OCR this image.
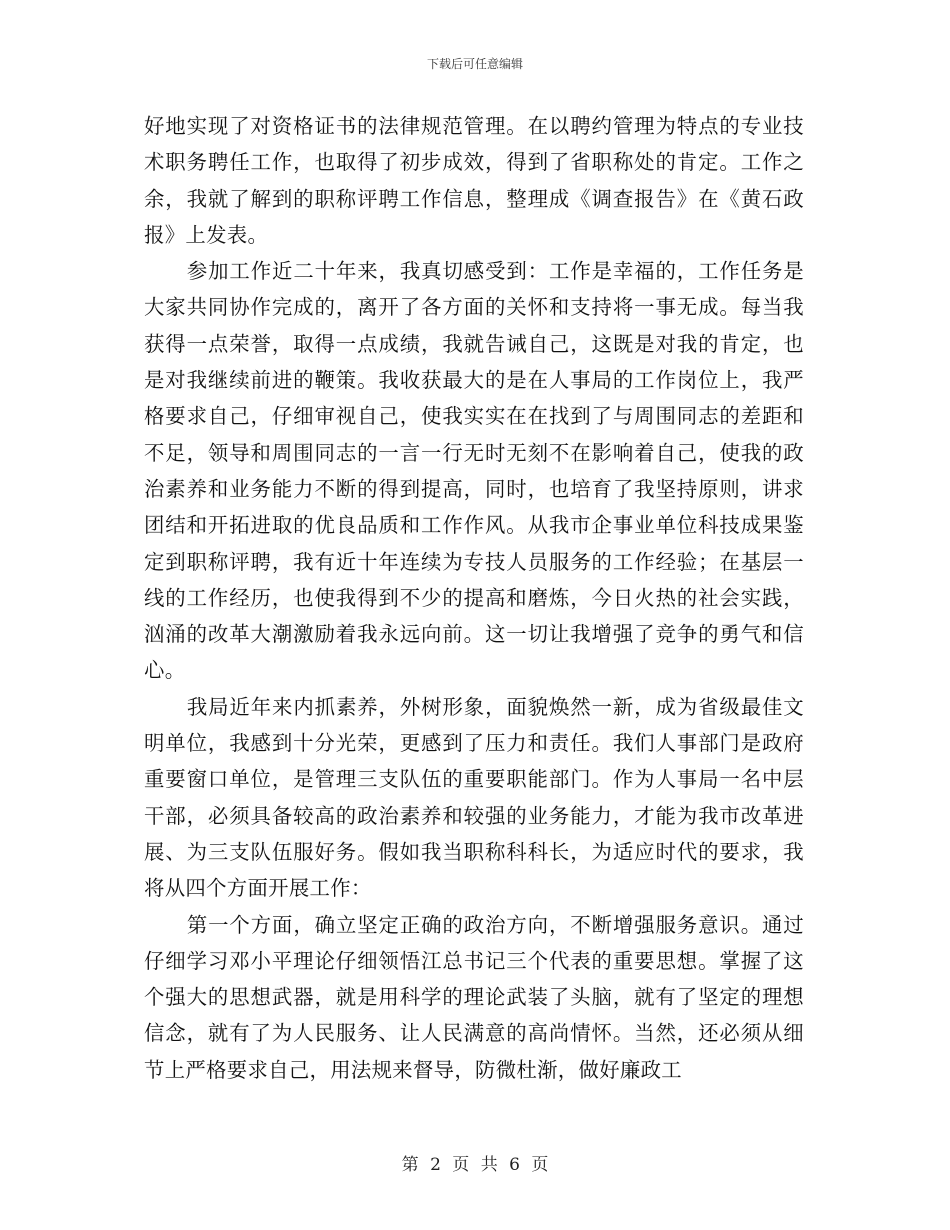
下载后可任意编辑

好地实现了对资格证书的法律规范管理。在以聘约管理为特点的专业技术职务聘任工作，也取得了初步成效，得到了省职称处的肯定。工作之余，我就了解到的职称评聘工作信息，整理成《调查报告》在《黄石政报》上发表。

参加工作近二十年来，我真切感受到：工作是幸福的，工作任务是大家共同协作完成的，离开了各方面的关怀和支持将一事无成。每当我获得一点荣誉，取得一点成绩，我就告诫自己，这既是对我的肯定，也是对我继续前进的鞭策。我收获最大的是在人事局的工作岗位上，我严格要求自己，仔细审视自己，使我实实在在找到了与周围同志的差距和不足，领导和周围同志的一言一行无时无刻不在影响着自己，使我的政治素养和业务能力不断的得到提高，同时，也培育了我坚持原则，讲求团结和开拓进取的优良品质和工作作风。从我市企事业单位科技成果鉴定到职称评聘，我有近十年连续为专技人员服务的工作经验；在基层一线的工作经历，也使我得到不少的提高和磨炼，今日火热的社会实践，汹涌的改革大潮激励着我永远向前。这一切让我增强了竞争的勇气和信心。

我局近年来内抓素养，外树形象，面貌焕然一新，成为省级最佳文明单位，我感到十分光荣，更感到了压力和责任。我们人事部门是政府重要窗口单位，是管理三支队伍的重要职能部门。作为人事局一名中层干部，必须具备较高的政治素养和较强的业务能力，才能为我市改革进展、为三支队伍服好务。假如我当职称科科长，为适应时代的要求，我将从四个方面开展工作：

第一个方面，确立坚定正确的政治方向，不断增强服务意识。通过仔细学习邓小平理论仔细领悟江总书记三个代表的重要思想。掌握了这个强大的思想武器，就是用科学的理论武装了头脑，就有了坚定的理想信念，就有了为人民服务、让人民满意的高尚情怀。当然，还必须从细节上严格要求自己，用法规来督导，防微杜渐，做好廉政工

第 2 页 共 6 页
